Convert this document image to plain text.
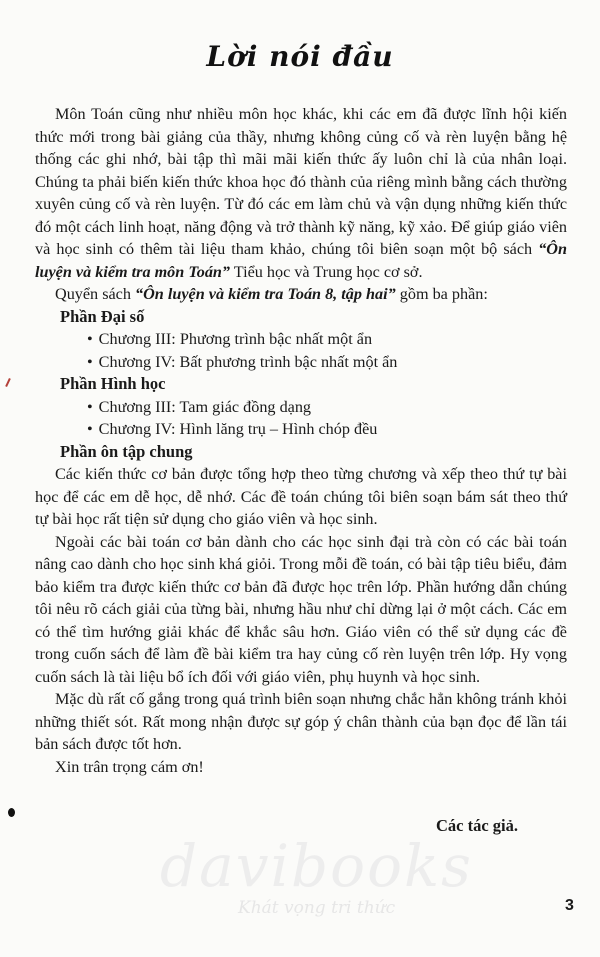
Lời nói đầu

Môn Toán cũng như nhiều môn học khác, khi các em đã được lĩnh hội kiến thức mới trong bài giảng của thầy, nhưng không củng cố và rèn luyện bằng hệ thống các ghi nhớ, bài tập thì mãi mãi kiến thức ấy luôn chỉ là của nhân loại. Chúng ta phải biến kiến thức khoa học đó thành của riêng mình bằng cách thường xuyên củng cố và rèn luyện. Từ đó các em làm chủ và vận dụng những kiến thức đó một cách linh hoạt, năng động và trở thành kỹ năng, kỹ xảo. Để giúp giáo viên và học sinh có thêm tài liệu tham khảo, chúng tôi biên soạn một bộ sách “Ôn luyện và kiểm tra môn Toán” Tiểu học và Trung học cơ sở.

Quyển sách “Ôn luyện và kiểm tra Toán 8, tập hai” gồm ba phần:

Phần Đại số
• Chương III: Phương trình bậc nhất một ẩn
• Chương IV: Bất phương trình bậc nhất một ẩn
Phần Hình học
• Chương III: Tam giác đồng dạng
• Chương IV: Hình lăng trụ – Hình chóp đều
Phần ôn tập chung

Các kiến thức cơ bản được tổng hợp theo từng chương và xếp theo thứ tự bài học để các em dễ học, dễ nhớ. Các đề toán chúng tôi biên soạn bám sát theo thứ tự bài học rất tiện sử dụng cho giáo viên và học sinh.

Ngoài các bài toán cơ bản dành cho các học sinh đại trà còn có các bài toán nâng cao dành cho học sinh khá giỏi. Trong mỗi đề toán, có bài tập tiêu biểu, đảm bảo kiểm tra được kiến thức cơ bản đã được học trên lớp. Phần hướng dẫn chúng tôi nêu rõ cách giải của từng bài, nhưng hầu như chỉ dừng lại ở một cách. Các em có thể tìm hướng giải khác để khắc sâu hơn. Giáo viên có thể sử dụng các đề trong cuốn sách để làm đề bài kiểm tra hay củng cố rèn luyện trên lớp. Hy vọng cuốn sách là tài liệu bổ ích đối với giáo viên, phụ huynh và học sinh.

Mặc dù rất cố gắng trong quá trình biên soạn nhưng chắc hẳn không tránh khỏi những thiết sót. Rất mong nhận được sự góp ý chân thành của bạn đọc để lần tái bản sách được tốt hơn.

Xin trân trọng cám ơn!

Các tác giả.
davibooks
Khát vọng tri thức	3
